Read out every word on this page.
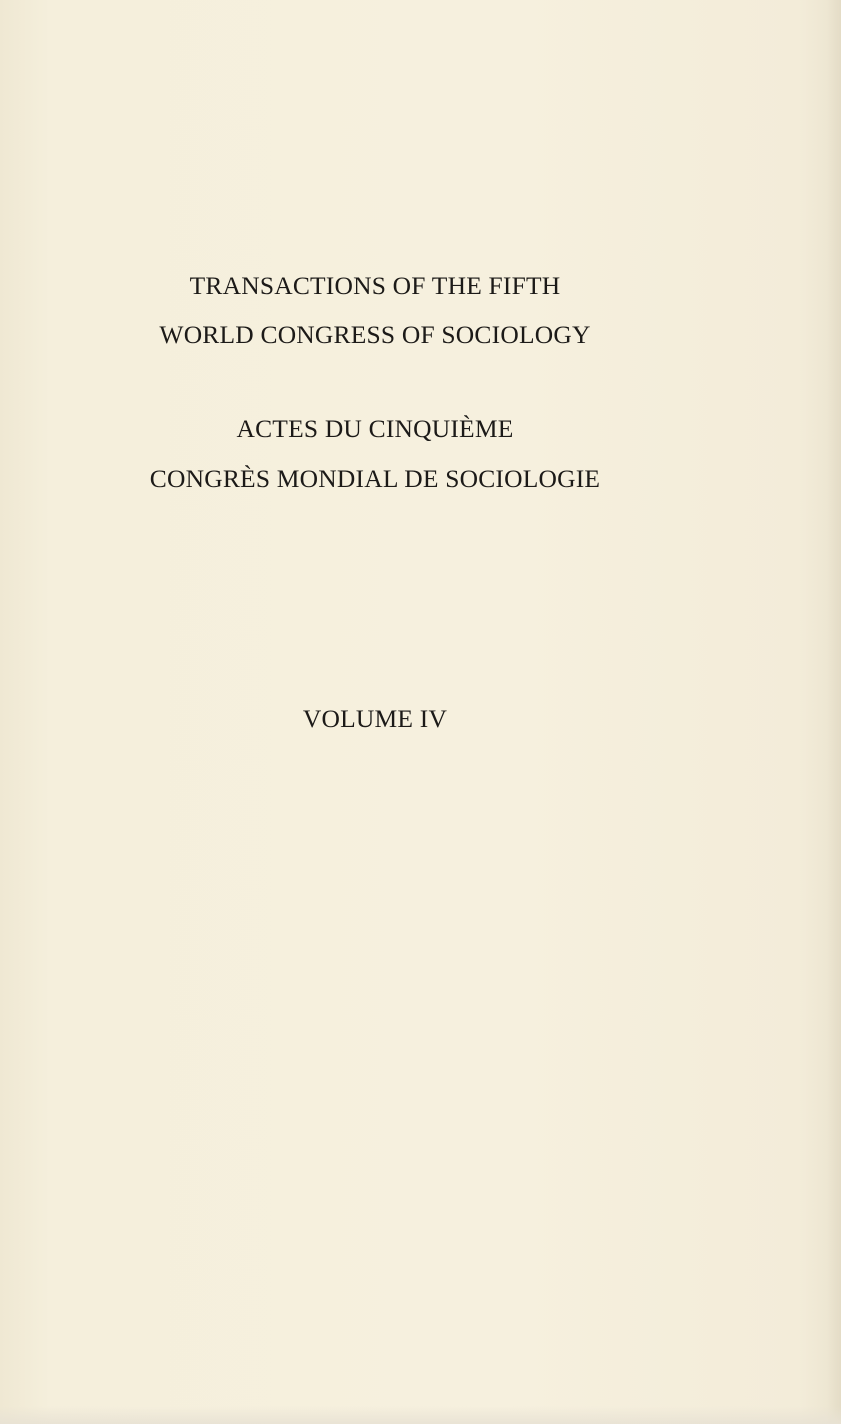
TRANSACTIONS OF THE FIFTH
WORLD CONGRESS OF SOCIOLOGY
ACTES DU CINQUIÈME
CONGRÈS MONDIAL DE SOCIOLOGIE
VOLUME IV
